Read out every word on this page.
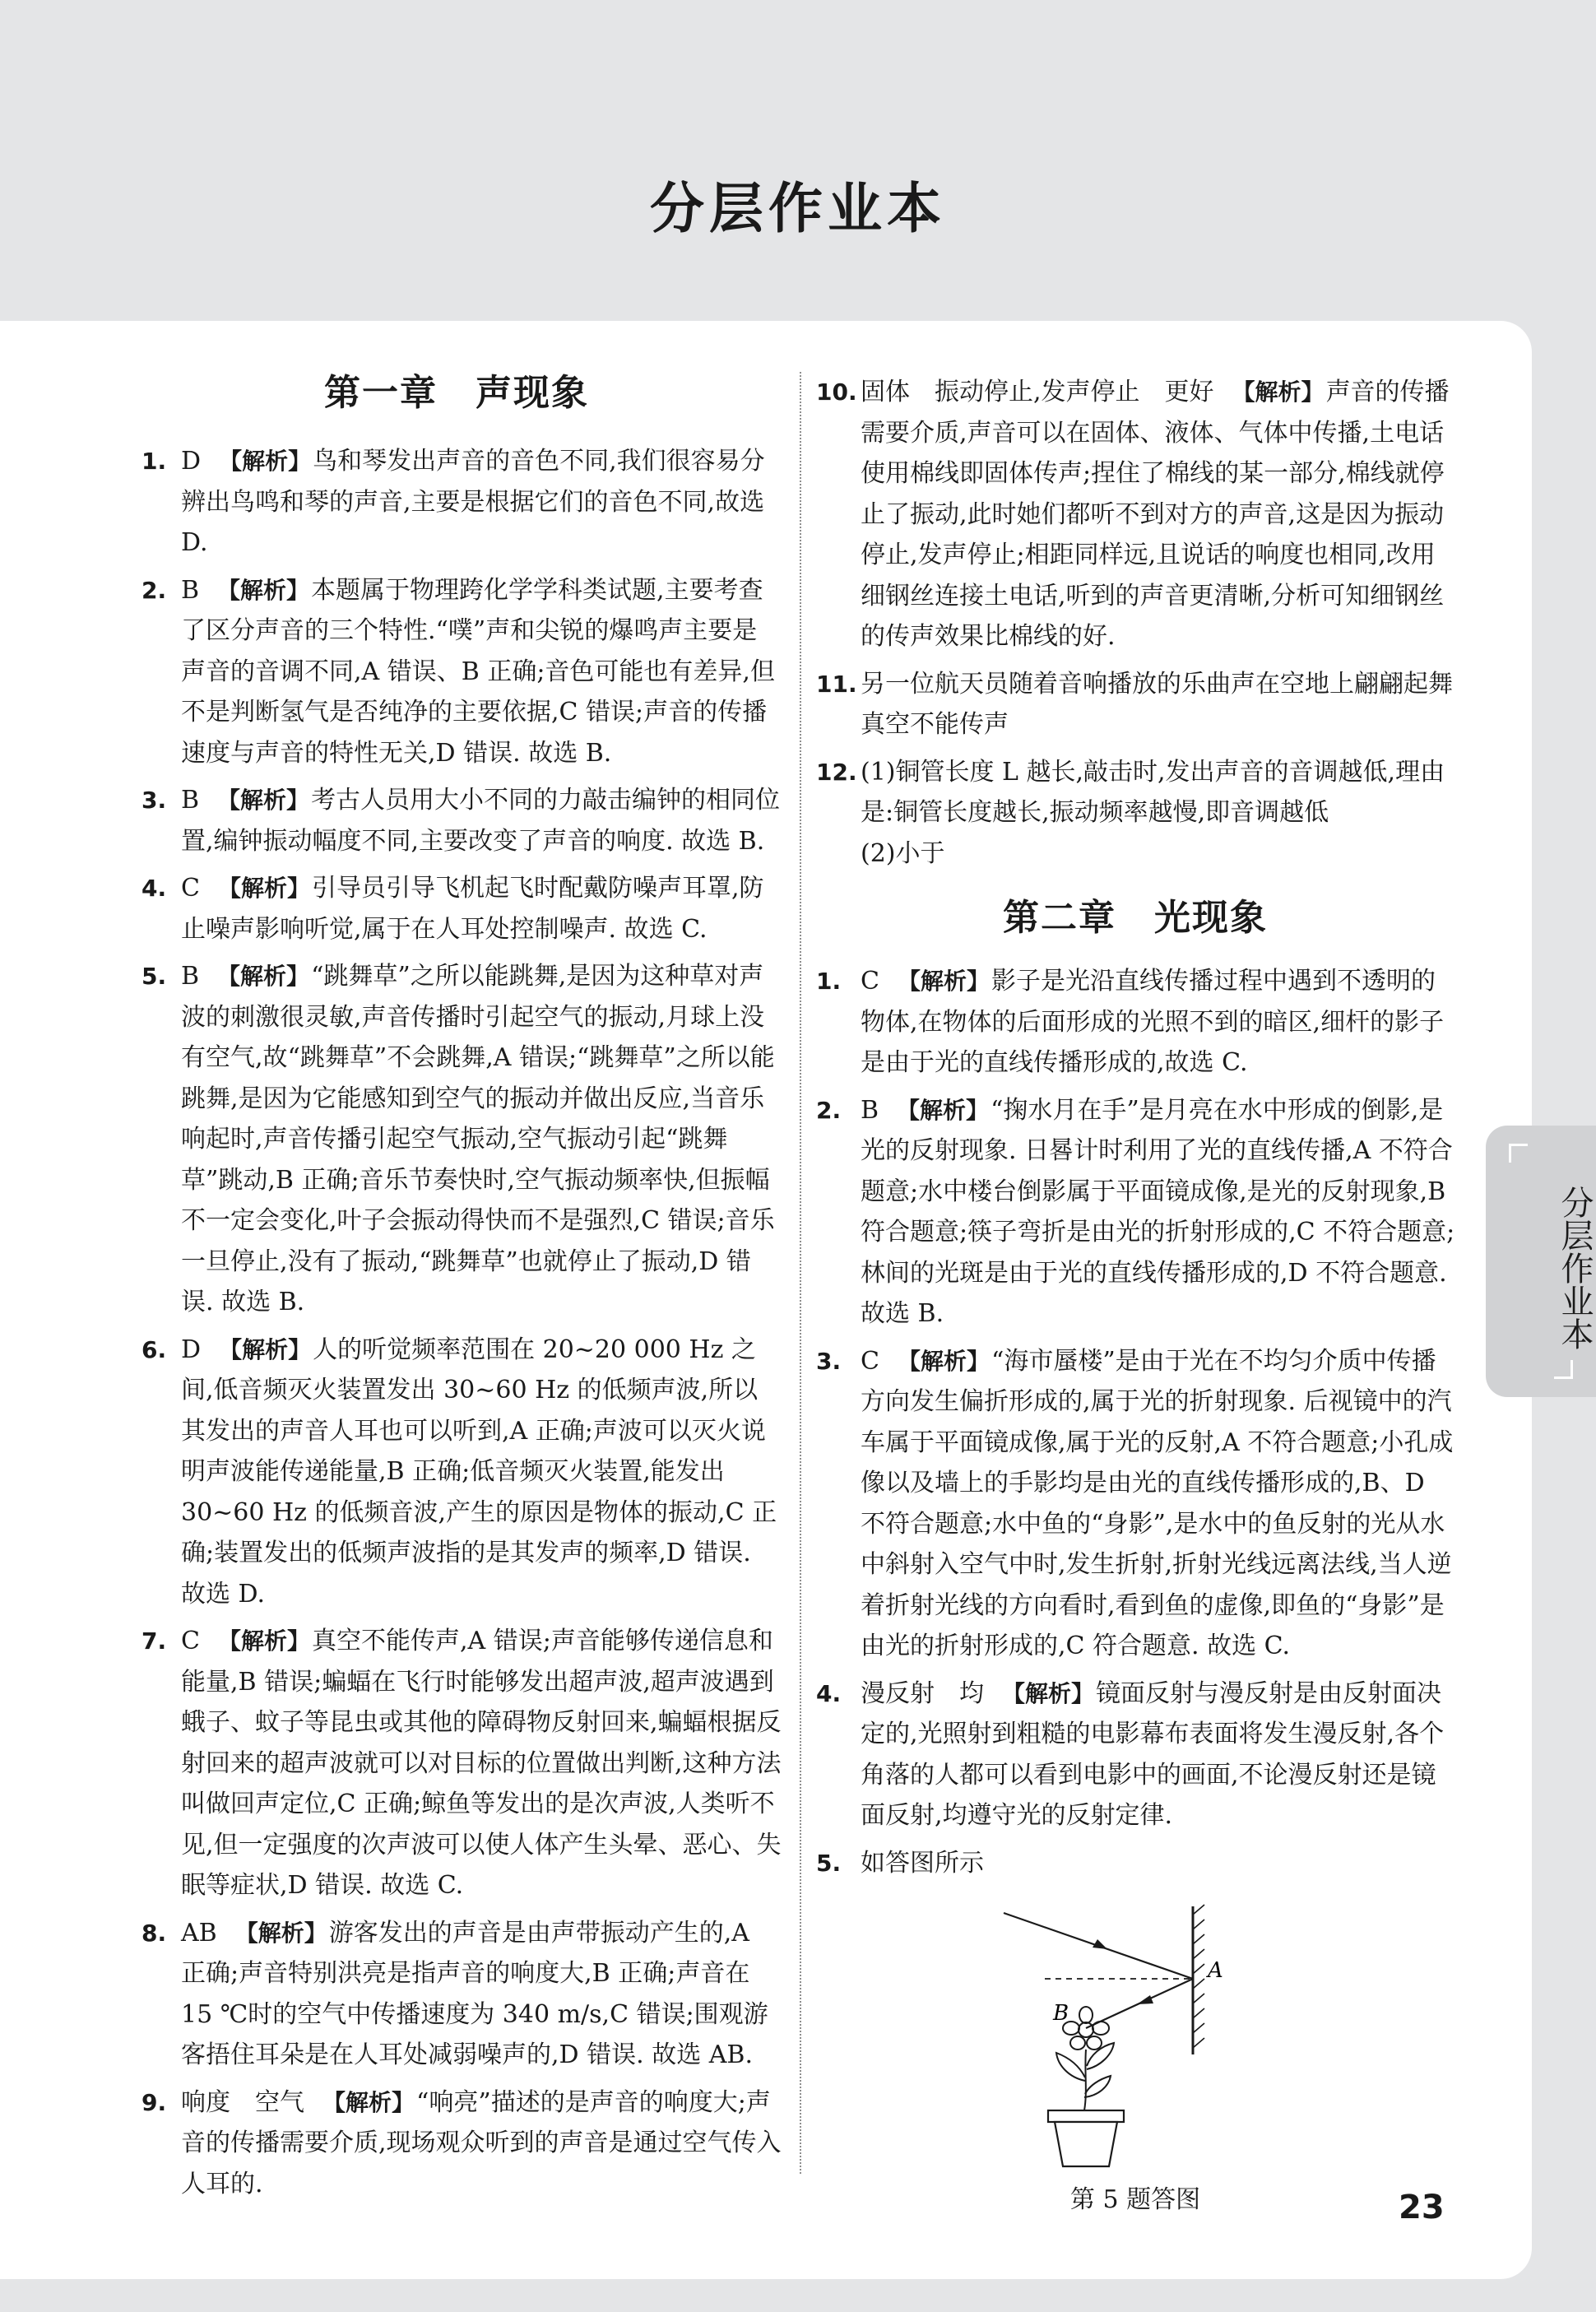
分层作业本
第一章　声现象
1. D 【解析】鸟和琴发出声音的音色不同,我们很容易分辨出鸟鸣和琴的声音,主要是根据它们的音色不同,故选 D.
2. B 【解析】本题属于物理跨化学学科类试题,主要考查了区分声音的三个特性.“噗”声和尖锐的爆鸣声主要是声音的音调不同,A 错误、B 正确;音色可能也有差异,但不是判断氢气是否纯净的主要依据,C 错误;声音的传播速度与声音的特性无关,D 错误. 故选 B.
3. B 【解析】考古人员用大小不同的力敲击编钟的相同位置,编钟振动幅度不同,主要改变了声音的响度. 故选 B.
4. C 【解析】引导员引导飞机起飞时配戴防噪声耳罩,防止噪声影响听觉,属于在人耳处控制噪声. 故选 C.
5. B 【解析】“跳舞草”之所以能跳舞,是因为这种草对声波的刺激很灵敏,声音传播时引起空气的振动,月球上没有空气,故“跳舞草”不会跳舞,A 错误;“跳舞草”之所以能跳舞,是因为它能感知到空气的振动并做出反应,当音乐响起时,声音传播引起空气振动,空气振动引起“跳舞草”跳动,B 正确;音乐节奏快时,空气振动频率快,但振幅不一定会变化,叶子会振动得快而不是强烈,C 错误;音乐一旦停止,没有了振动,“跳舞草”也就停止了振动,D 错误. 故选 B.
6. D 【解析】人的听觉频率范围在 20~20 000 Hz 之间,低音频灭火装置发出 30~60 Hz 的低频声波,所以其发出的声音人耳也可以听到,A 正确;声波可以灭火说明声波能传递能量,B 正确;低音频灭火装置,能发出 30~60 Hz 的低频音波,产生的原因是物体的振动,C 正确;装置发出的低频声波指的是其发声的频率,D 错误. 故选 D.
7. C 【解析】真空不能传声,A 错误;声音能够传递信息和能量,B 错误;蝙蝠在飞行时能够发出超声波,超声波遇到蛾子、蚊子等昆虫或其他的障碍物反射回来,蝙蝠根据反射回来的超声波就可以对目标的位置做出判断,这种方法叫做回声定位,C 正确;鲸鱼等发出的是次声波,人类听不见,但一定强度的次声波可以使人体产生头晕、恶心、失眠等症状,D 错误. 故选 C.
8. AB 【解析】游客发出的声音是由声带振动产生的,A 正确;声音特别洪亮是指声音的响度大,B 正确;声音在 15 ℃时的空气中传播速度为 340 m/s,C 错误;围观游客捂住耳朵是在人耳处减弱噪声的,D 错误. 故选 AB.
9. 响度　空气 【解析】“响亮”描述的是声音的响度大;声音的传播需要介质,现场观众听到的声音是通过空气传入人耳的.
10. 固体　振动停止,发声停止　更好 【解析】声音的传播需要介质,声音可以在固体、液体、气体中传播,土电话使用棉线即固体传声;捏住了棉线的某一部分,棉线就停止了振动,此时她们都听不到对方的声音,这是因为振动停止,发声停止;相距同样远,且说话的响度也相同,改用细钢丝连接土电话,听到的声音更清晰,分析可知细钢丝的传声效果比棉线的好.
11. 另一位航天员随着音响播放的乐曲声在空地上翩翩起舞　真空不能传声
12. (1)铜管长度 L 越长,敲击时,发出声音的音调越低,理由是:铜管长度越长,振动频率越慢,即音调越低
(2)小于
第二章　光现象
1. C 【解析】影子是光沿直线传播过程中遇到不透明的物体,在物体的后面形成的光照不到的暗区,细杆的影子是由于光的直线传播形成的,故选 C.
2. B 【解析】“掬水月在手”是月亮在水中形成的倒影,是光的反射现象. 日晷计时利用了光的直线传播,A 不符合题意;水中楼台倒影属于平面镜成像,是光的反射现象,B 符合题意;筷子弯折是由光的折射形成的,C 不符合题意;林间的光斑是由于光的直线传播形成的,D 不符合题意. 故选 B.
3. C 【解析】“海市蜃楼”是由于光在不均匀介质中传播方向发生偏折形成的,属于光的折射现象. 后视镜中的汽车属于平面镜成像,属于光的反射,A 不符合题意;小孔成像以及墙上的手影均是由光的直线传播形成的,B、D 不符合题意;水中鱼的“身影”,是水中的鱼反射的光从水中斜射入空气中时,发生折射,折射光线远离法线,当人逆着折射光线的方向看时,看到鱼的虚像,即鱼的“身影”是由光的折射形成的,C 符合题意. 故选 C.
4. 漫反射　均 【解析】镜面反射与漫反射是由反射面决定的,光照射到粗糙的电影幕布表面将发生漫反射,各个角落的人都可以看到电影中的画面,不论漫反射还是镜面反射,均遵守光的反射定律.
5. 如答图所示
A
B
第 5 题答图
分层作业本
23
